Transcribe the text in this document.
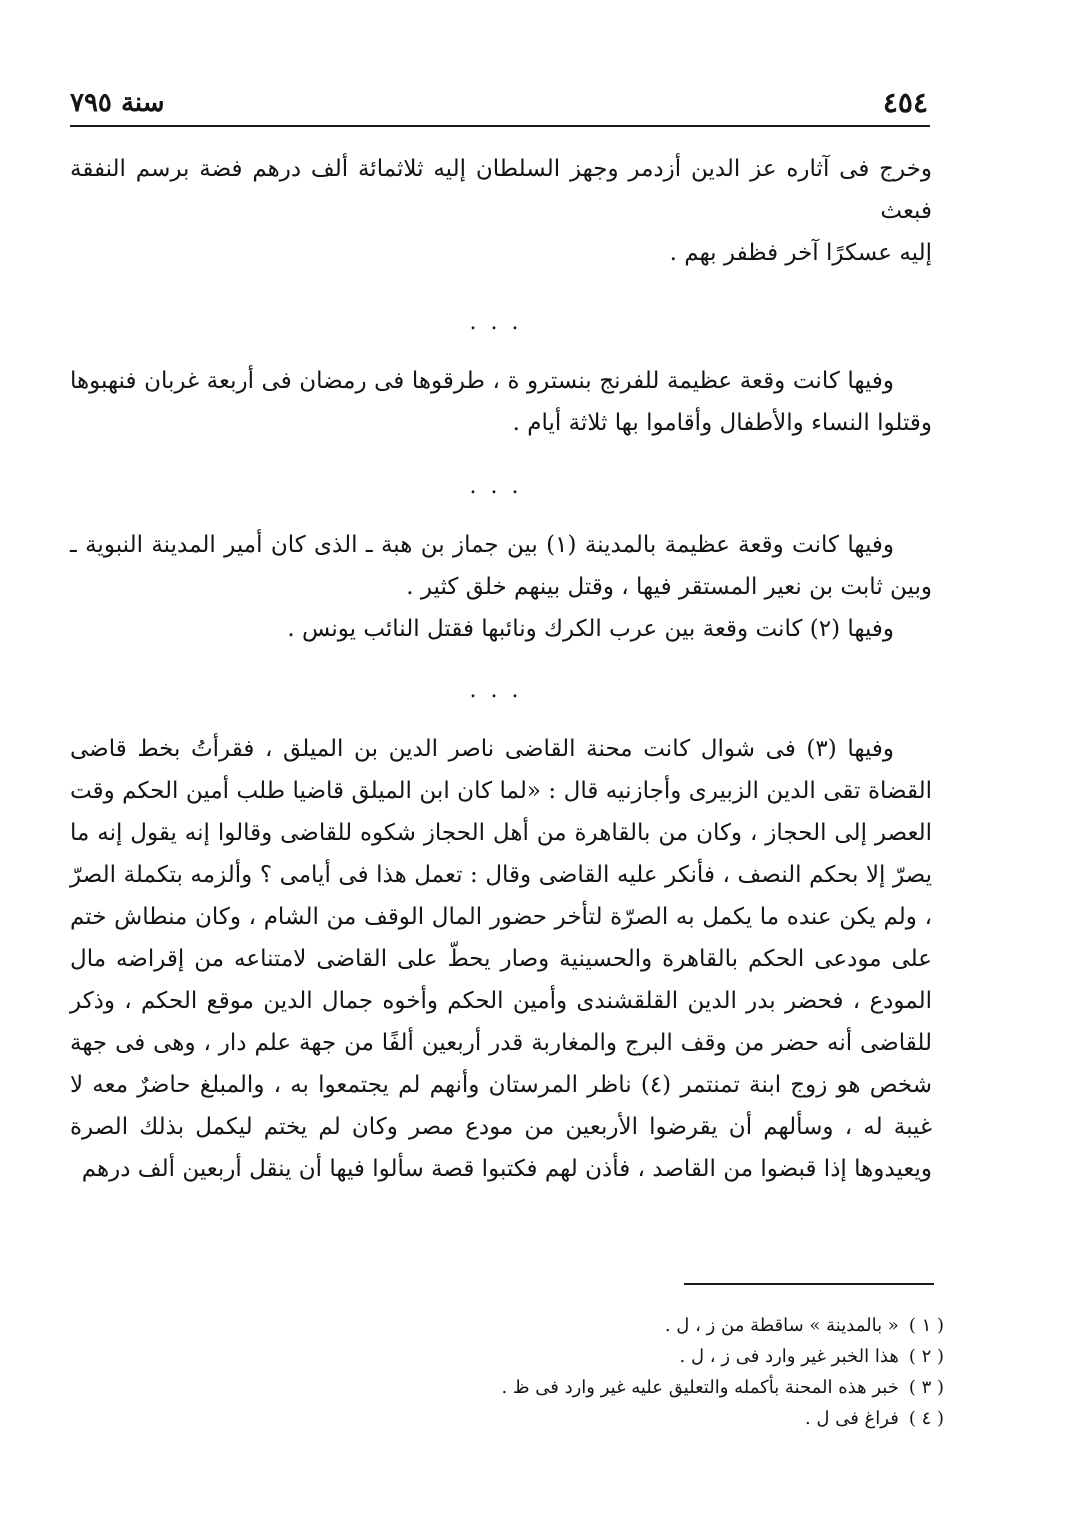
٤٥٤
سنة ٧٩٥

وخرج فى آثاره عز الدين أزدمر وجهز السلطان إليه ثلاثمائة ألف درهم فضة برسم النفقة فبعث
إليه عسكرًا آخر فظفر بهم .

...

وفيها كانت وقعة عظيمة للفرنج بنسترو ة ، طرقوها فى رمضان فى أربعة غربان فنهبوها وقتلوا النساء والأطفال وأقاموا بها ثلاثة أيام .

...

وفيها كانت وقعة عظيمة بالمدينة (١) بين جماز بن هبة ـ الذى كان أمير المدينة النبوية ـ وبين ثابت بن نعير المستقر فيها ، وقتل بينهم خلق كثير .

وفيها (٢) كانت وقعة بين عرب الكرك ونائبها فقتل النائب يونس .

...

وفيها (٣) فى شوال كانت محنة القاضى ناصر الدين بن الميلق ، فقرأتُ بخط قاضى القضاة تقى الدين الزبيرى وأجازنيه قال : «لما كان ابن الميلق قاضيا طلب أمين الحكم وقت العصر إلى الحجاز ، وكان من بالقاهرة من أهل الحجاز شكوه للقاضى وقالوا إنه يقول إنه ما يصرّ إلا بحكم النصف ، فأنكر عليه القاضى وقال : تعمل هذا فى أيامى ؟ وألزمه بتكملة الصرّ ، ولم يكن عنده ما يكمل به الصرّة لتأخر حضور المال الوقف من الشام ، وكان منطاش ختم على مودعى الحكم بالقاهرة والحسينية وصار يحطّ على القاضى لامتناعه من إقراضه مال المودع ، فحضر بدر الدين القلقشندى وأمين الحكم وأخوه جمال الدين موقع الحكم ، وذكر للقاضى أنه حضر من وقف البرج والمغاربة قدر أربعين ألفًا من جهة علم دار ، وهى فى جهة شخص هو زوج ابنة تمنتمر (٤) ناظر المرستان وأنهم لم يجتمعوا به ، والمبلغ حاضرٌ معه لا غيبة له ، وسألهم أن يقرضوا الأربعين من مودع مصر وكان لم يختم ليكمل بذلك الصرة ويعيدوها إذا قبضوا من القاصد ، فأذن لهم فكتبوا قصة سألوا فيها أن ينقل أربعين ألف درهم

( ١ )« بالمدينة » ساقطة من ز ، ل .
( ٢ )هذا الخبر غير وارد فى ز ، ل .
( ٣ )خبر هذه المحنة بأكمله والتعليق عليه غير وارد فى ظ .
( ٤ )فراغ فى ل .
